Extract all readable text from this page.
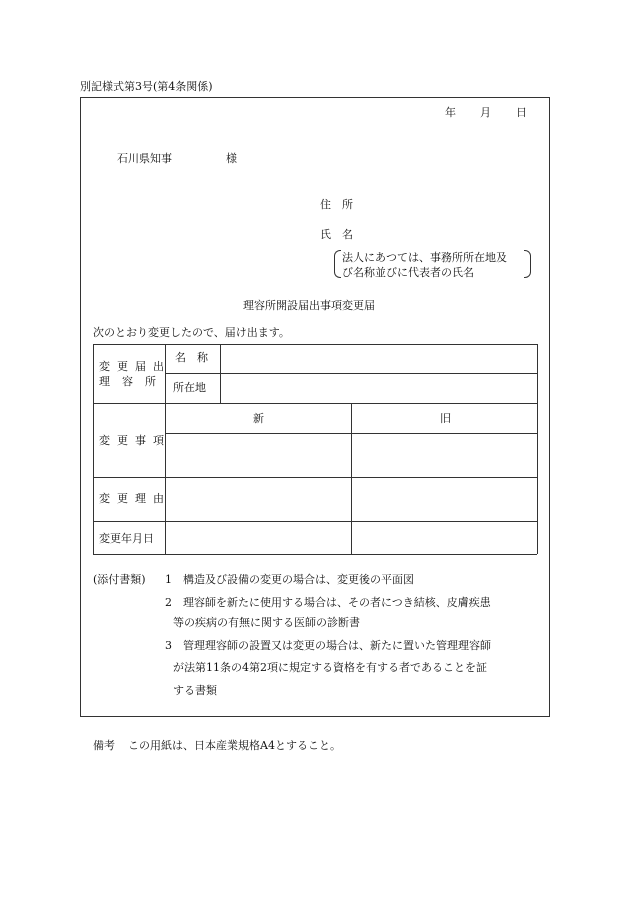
別記様式第3号(第4条関係)
年 月 日
石川県知事	様
住　所
氏　名
法人にあつては、事務所所在地及
び名称並びに代表者の氏名
理容所開設届出事項変更届
次のとおり変更したので、届け出ます。
変更届出
理容所
名　称
所在地
新	旧
変更事項
変更理由
変更年月日
(添付書類) 1 構造及び設備の変更の場合は、変更後の平面図
2 理容師を新たに使用する場合は、その者につき結核、皮膚疾患
等の疾病の有無に関する医師の診断書
3 管理理容師の設置又は変更の場合は、新たに置いた管理理容師
が法第11条の4第2項に規定する資格を有する者であることを証
する書類
備考 この用紙は、日本産業規格A4とすること。
